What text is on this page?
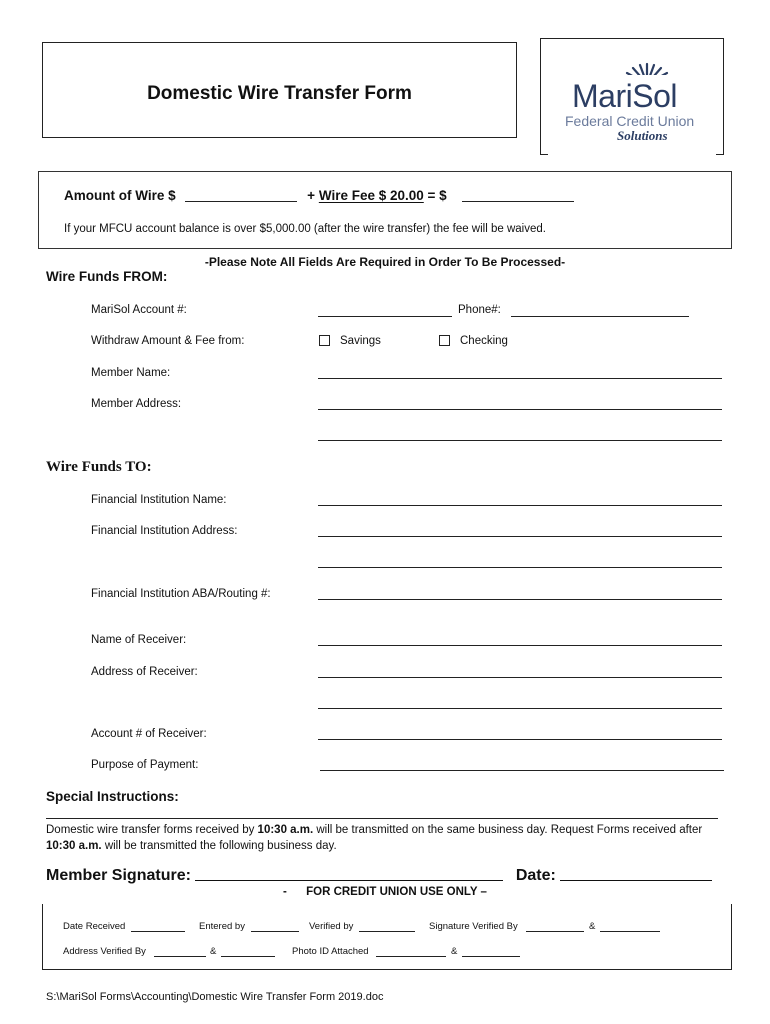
Domestic Wire Transfer Form	MariSol
Federal Credit Union
Solutions
Amount of Wire $	+ Wire Fee $ 20.00 = $
If your MFCU account balance is over $5,000.00 (after the wire transfer) the fee will be waived.
-Please Note All Fields Are Required in Order To Be Processed-
Wire Funds FROM:
MariSol Account #:	Phone#:
Withdraw Amount & Fee from:	Savings	Checking
Member Name:
Member Address:
Wire Funds TO:
Financial Institution Name:
Financial Institution Address:
Financial Institution ABA/Routing #:
Name of Receiver:
Address of Receiver:
Account # of Receiver:
Purpose of Payment:
Special Instructions:
Domestic wire transfer forms received by 10:30 a.m. will be transmitted on the same business day. Request Forms received after 10:30 a.m. will be transmitted the following business day.
Member Signature:	Date:
- FOR CREDIT UNION USE ONLY –
Date Received	Entered by	Verified by	Signature Verified By	&
Address Verified By	&	Photo ID Attached	&
S:\MariSol Forms\Accounting\Domestic Wire Transfer Form 2019.doc
